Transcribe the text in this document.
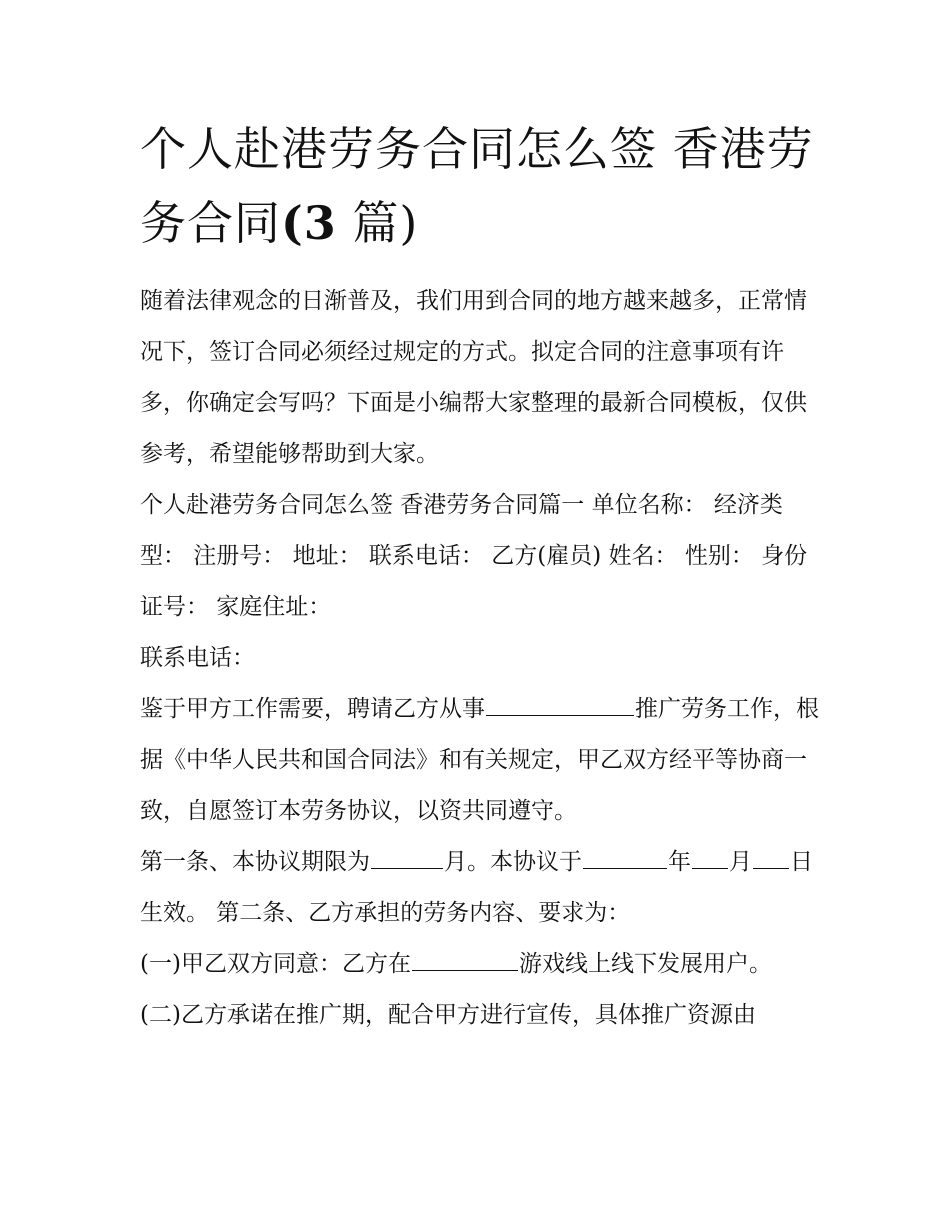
个人赴港劳务合同怎么签 香港劳务合同(3 篇)

随着法律观念的日渐普及，我们用到合同的地方越来越多，正常情况下，签订合同必须经过规定的方式。拟定合同的注意事项有许多，你确定会写吗？下面是小编帮大家整理的最新合同模板，仅供参考，希望能够帮助到大家。

个人赴港劳务合同怎么签 香港劳务合同篇一 单位名称： 经济类型： 注册号： 地址： 联系电话： 乙方(雇员) 姓名： 性别： 身份证号： 家庭住址：

联系电话：

鉴于甲方工作需要，聘请乙方从事	推广劳务工作，根据《中华人民共和国合同法》和有关规定，甲乙双方经平等协商一致，自愿签订本劳务协议，以资共同遵守。

第一条、本协议期限为	月。本协议于	年 月 日生效。 第二条、乙方承担的劳务内容、要求为：

(一)甲乙双方同意：乙方在	游戏线上线下发展用户。

(二)乙方承诺在推广期，配合甲方进行宣传，具体推广资源由
